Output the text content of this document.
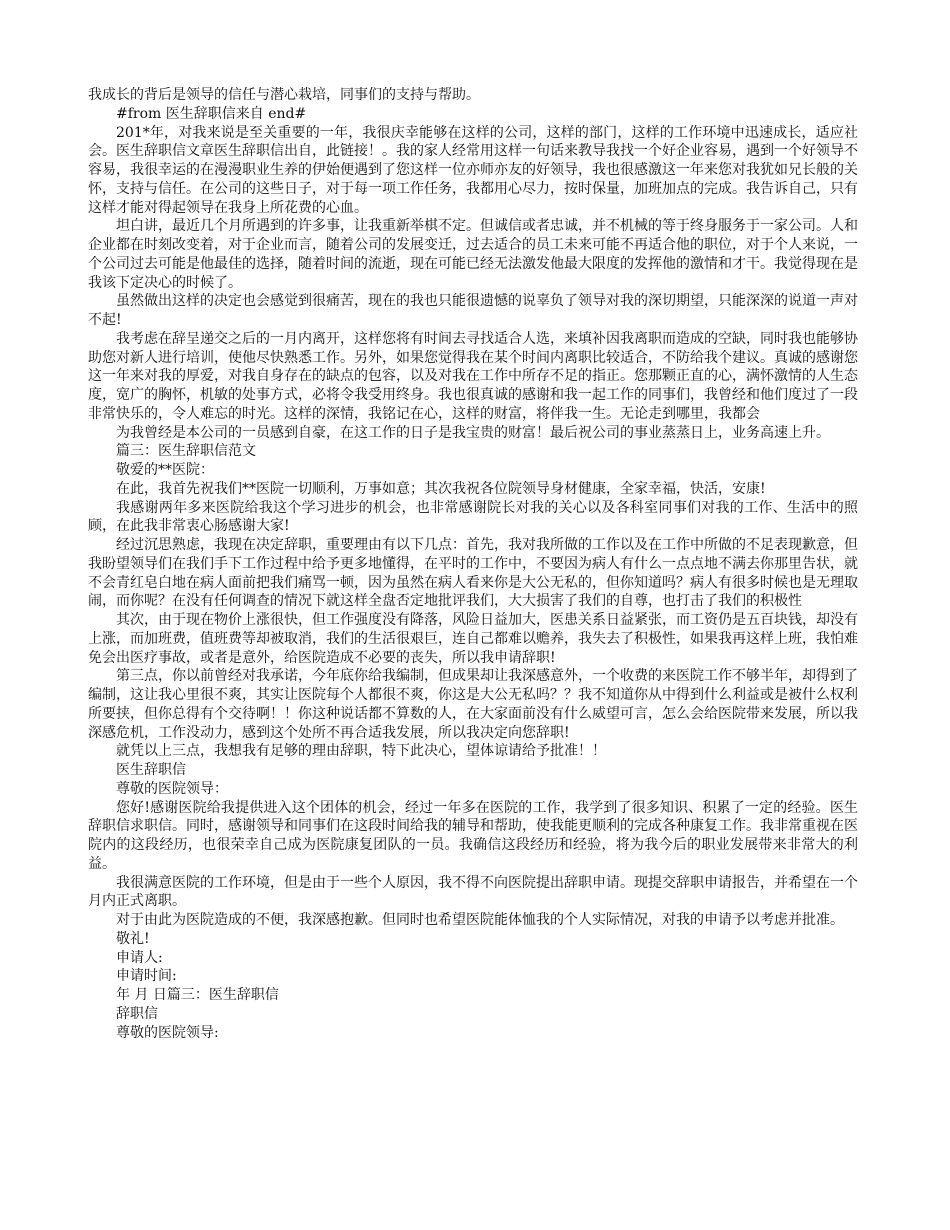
我成长的背后是领导的信任与潜心栽培，同事们的支持与帮助。

#from 医生辞职信来自 end#

201*年，对我来说是至关重要的一年，我很庆幸能够在这样的公司，这样的部门，这样的工作环境中迅速成长，适应社会。医生辞职信文章医生辞职信出自，此链接！。我的家人经常用这样一句话来教导我找一个好企业容易，遇到一个好领导不容易，我很幸运的在漫漫职业生养的伊始便遇到了您这样一位亦师亦友的好领导，我也很感激这一年来您对我犹如兄长般的关怀，支持与信任。在公司的这些日子，对于每一项工作任务，我都用心尽力，按时保量，加班加点的完成。我告诉自己，只有这样才能对得起领导在我身上所花费的心血。

坦白讲，最近几个月所遇到的许多事，让我重新举棋不定。但诚信或者忠诚，并不机械的等于终身服务于一家公司。人和企业都在时刻改变着，对于企业而言，随着公司的发展变迁，过去适合的员工未来可能不再适合他的职位，对于个人来说，一个公司过去可能是他最佳的选择，随着时间的流逝，现在可能已经无法激发他最大限度的发挥他的激情和才干。我觉得现在是我该下定决心的时候了。

虽然做出这样的决定也会感觉到很痛苦，现在的我也只能很遗憾的说辜负了领导对我的深切期望，只能深深的说道一声对不起!

我考虑在辞呈递交之后的一月内离开，这样您将有时间去寻找适合人选，来填补因我离职而造成的空缺，同时我也能够协助您对新人进行培训，使他尽快熟悉工作。另外，如果您觉得我在某个时间内离职比较适合，不防给我个建议。真诚的感谢您这一年来对我的厚爱，对我自身存在的缺点的包容，以及对我在工作中所存不足的指正。您那颗正直的心，满怀激情的人生态度，宽广的胸怀，机敏的处事方式，必将令我受用终身。我也很真诚的感谢和我一起工作的同事们，我曾经和他们度过了一段非常快乐的，令人难忘的时光。这样的深情，我铭记在心，这样的财富，将伴我一生。无论走到哪里，我都会

为我曾经是本公司的一员感到自豪，在这工作的日子是我宝贵的财富！最后祝公司的事业蒸蒸日上，业务高速上升。

篇三：医生辞职信范文

敬爱的**医院：

在此，我首先祝我们**医院一切顺利，万事如意；其次我祝各位院领导身材健康，全家幸福，快活，安康!

我感谢两年多来医院给我这个学习进步的机会，也非常感谢院长对我的关心以及各科室同事们对我的工作、生活中的照顾，在此我非常衷心肠感谢大家!

经过沉思熟虑，我现在决定辞职，重要理由有以下几点：首先，我对我所做的工作以及在工作中所做的不足表现歉意，但我盼望领导们在我们手下工作过程中给予更多地懂得，在平时的工作中，不要因为病人有什么一点点地不满去你那里告状，就不会青红皂白地在病人面前把我们痛骂一顿，因为虽然在病人看来你是大公无私的，但你知道吗？病人有很多时候也是无理取闹，而你呢？在没有任何调查的情况下就这样全盘否定地批评我们，大大损害了我们的自尊，也打击了我们的积极性

其次，由于现在物价上涨很快，但工作强度没有降落，风险日益加大，医患关系日益紧张，而工资仍是五百块钱，却没有上涨，而加班费，值班费等却被取消，我们的生活很艰巨，连自己都难以赡养，我失去了积极性，如果我再这样上班，我怕难免会出医疗事故，或者是意外，给医院造成不必要的丧失，所以我申请辞职!

第三点，你以前曾经对我承诺，今年底你给我编制，但成果却让我深感意外，一个收费的来医院工作不够半年，却得到了编制，这让我心里很不爽，其实让医院每个人都很不爽，你这是大公无私吗？？我不知道你从中得到什么利益或是被什么权利所要挟，但你总得有个交待啊！！你这种说话都不算数的人，在大家面前没有什么威望可言，怎么会给医院带来发展，所以我深感危机，工作没动力，感到这个处所不再合适我发展，所以我决定向您辞职!

就凭以上三点，我想我有足够的理由辞职，特下此决心，望体谅请给予批准！！

医生辞职信

尊敬的医院领导：

您好!感谢医院给我提供进入这个团体的机会，经过一年多在医院的工作，我学到了很多知识、积累了一定的经验。医生辞职信求职信。同时，感谢领导和同事们在这段时间给我的辅导和帮助，使我能更顺利的完成各种康复工作。我非常重视在医院内的这段经历，也很荣幸自己成为医院康复团队的一员。我确信这段经历和经验，将为我今后的职业发展带来非常大的利益。

我很满意医院的工作环境，但是由于一些个人原因，我不得不向医院提出辞职申请。现提交辞职申请报告，并希望在一个月内正式离职。

对于由此为医院造成的不便，我深感抱歉。但同时也希望医院能体恤我的个人实际情况，对我的申请予以考虑并批准。

敬礼!

申请人:

申请时间:

年 月 日篇三：医生辞职信

辞职信

尊敬的医院领导:
